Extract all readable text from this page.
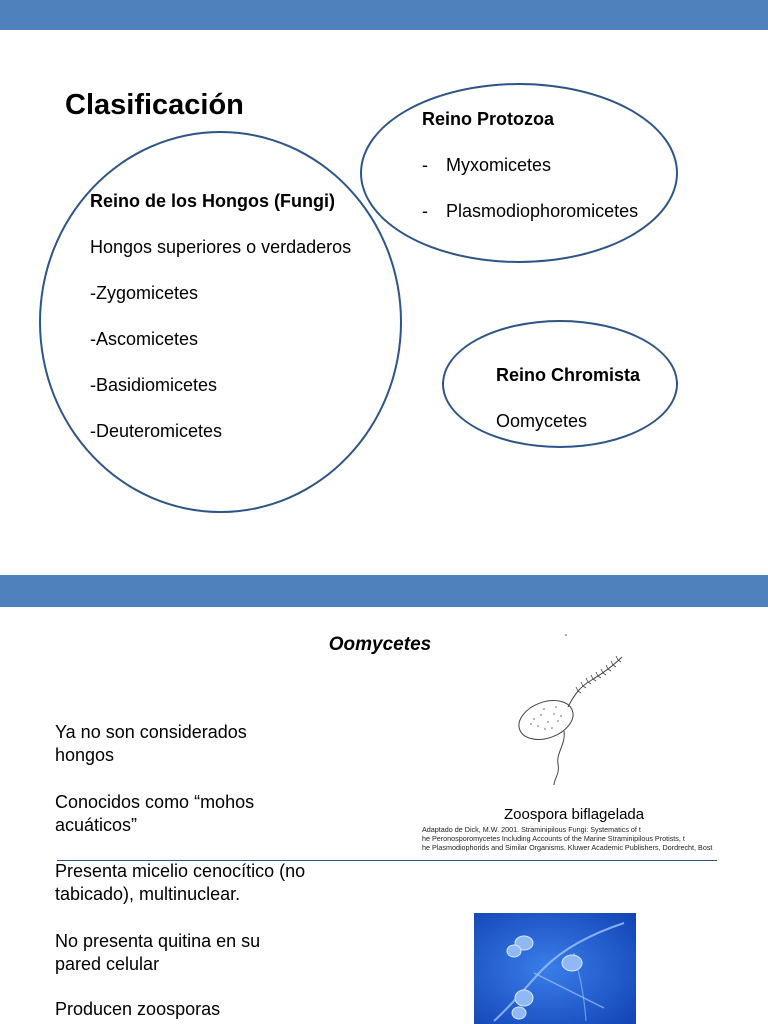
Clasificación
Reino de los Hongos (Fungi)
Hongos superiores o verdaderos
-Zygomicetes
-Ascomicetes
-Basidiomicetes
-Deuteromicetes
Reino Protozoa
- Myxomicetes
- Plasmodiophoromicetes
Reino Chromista
Oomycetes
Oomycetes
Ya no son considerados hongos
Conocidos como “mohos acuáticos”
Presenta micelio cenocítico (no tabicado), multinuclear.
No presenta quitina en su pared celular
Producen zoosporas
Zoospora biflagelada
Adaptado de Dick, M.W. 2001. Straminipilous Fungi: Systematics of t
he Peronosporomycetes Including Accounts of the Marine Straminipilous Protists, t
he Plasmodiophorids and Similar Organisms. Kluwer Academic Publishers, Dordrecht, Bost
